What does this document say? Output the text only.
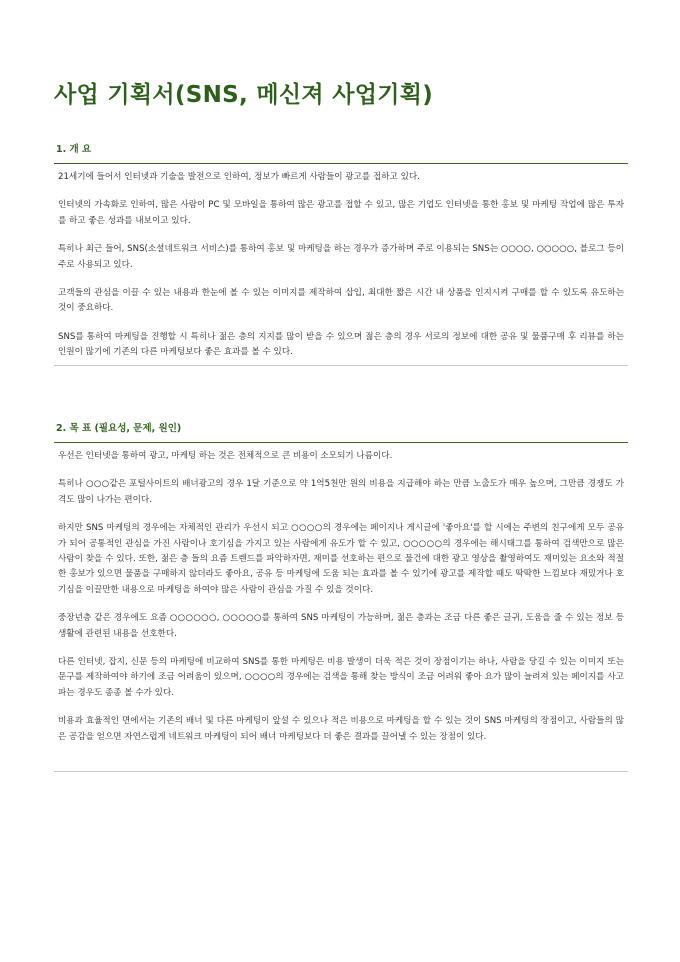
사업 기획서(SNS, 메신져 사업기획)
1. 개 요

21세기에 들어서 인터넷과 기술을 발전으로 인하여, 정보가 빠르게 사람들이 광고를 접하고 있다.

인터넷의 가속화로 인하여, 많은 사람이 PC 및 모바일을 통하여 많은 광고를 접할 수 있고, 많은 기업도 인터넷을 통한 홍보 및 마케팅 작업에 많은 투자를 하고 좋은 성과를 내보이고 있다.

특히나 최근 들어, SNS(소셜네트워크 서비스)를 통하여 홍보 및 마케팅을 하는 경우가 증가하며 주로 이용되는 SNS는 ○○○○, ○○○○○, 블로그 등이 주로 사용되고 있다.

고객들의 관심을 이끌 수 있는 내용과 한눈에 볼 수 있는 이미지를 제작하여 삽입, 최대한 짧은 시간 내 상품을 인지시켜 구매를 할 수 있도록 유도하는 것이 중요하다.

SNS를 통하여 마케팅을 진행할 시 특히나 젊은 층의 지지를 많이 받을 수 있으며 젊은 층의 경우 서로의 정보에 대한 공유 및 물품구매 후 리뷰를 하는 인원이 많기에 기존의 다른 마케팅보다 좋은 효과를 볼 수 있다.

2. 목 표 (필요성, 문제, 원인)

우선은 인터넷을 통하여 광고, 마케팅 하는 것은 전체적으로 큰 비용이 소모되기 나름이다.

특히나 ○○○같은 포털사이트의 배너광고의 경우 1달 기준으로 약 1억5천만 원의 비용을 지급해야 하는 만큼 노출도가 매우 높으며, 그만큼 경쟁도 가격도 많이 나가는 편이다.

하지만 SNS 마케팅의 경우에는 자체적인 관리가 우선시 되고 ○○○○의 경우에는 페이지나 게시글에 '좋아요'를 할 시에는 주변의 친구에게 모두 공유가 되어 공통적인 관심을 가진 사람이나 호기심을 가지고 있는 사람에게 유도가 할 수 있고, ○○○○○의 경우에는 해시태그를 통하여 검색만으로 많은 사람이 찾을 수 있다. 또한, 젊은 층 들의 요즘 트렌드를 파악하자면, 재미를 선호하는 편으로 물건에 대한 광고 영상을 촬영하여도 재미있는 요소와 적절한 홍보가 있으면 물품을 구매하지 않더라도 좋아요, 공유 등 마케팅에 도움 되는 효과를 볼 수 있기에 광고를 제작할 때도 딱딱한 느낌보다 재밌거나 호기심을 이끌만한 내용으로 마케팅을 하여야 많은 사람이 관심을 가질 수 있을 것이다.

중장년층 같은 경우에도 요즘 ○○○○○○, ○○○○○를 통하여 SNS 마케팅이 가능하며, 젊은 층과는 조금 다른 좋은 글귀, 도움을 줄 수 있는 정보 등 생활에 관련된 내용을 선호한다.

다른 인터넷, 잡지, 신문 등의 마케팅에 비교하여 SNS를 통한 마케팅은 비용 발생이 더욱 적은 것이 장점이기는 하나, 사람을 당길 수 있는 이미지 또는 문구를 제작하여야 하기에 조금 어려움이 있으며, ○○○○의 경우에는 검색을 통해 찾는 방식이 조금 어려워 좋아 요가 많이 늘려져 있는 페이지를 사고파는 경우도 종종 볼 수가 있다.

비용과 효율적인 면에서는 기존의 배너 및 다른 마케팅이 앞설 수 있으나 적은 비용으로 마케팅을 할 수 있는 것이 SNS 마케팅의 장점이고, 사람들의 많은 공감을 얻으면 자연스럽게 네트워크 마케팅이 되어 배너 마케팅보다 더 좋은 결과를 끌어낼 수 있는 장점이 있다.
